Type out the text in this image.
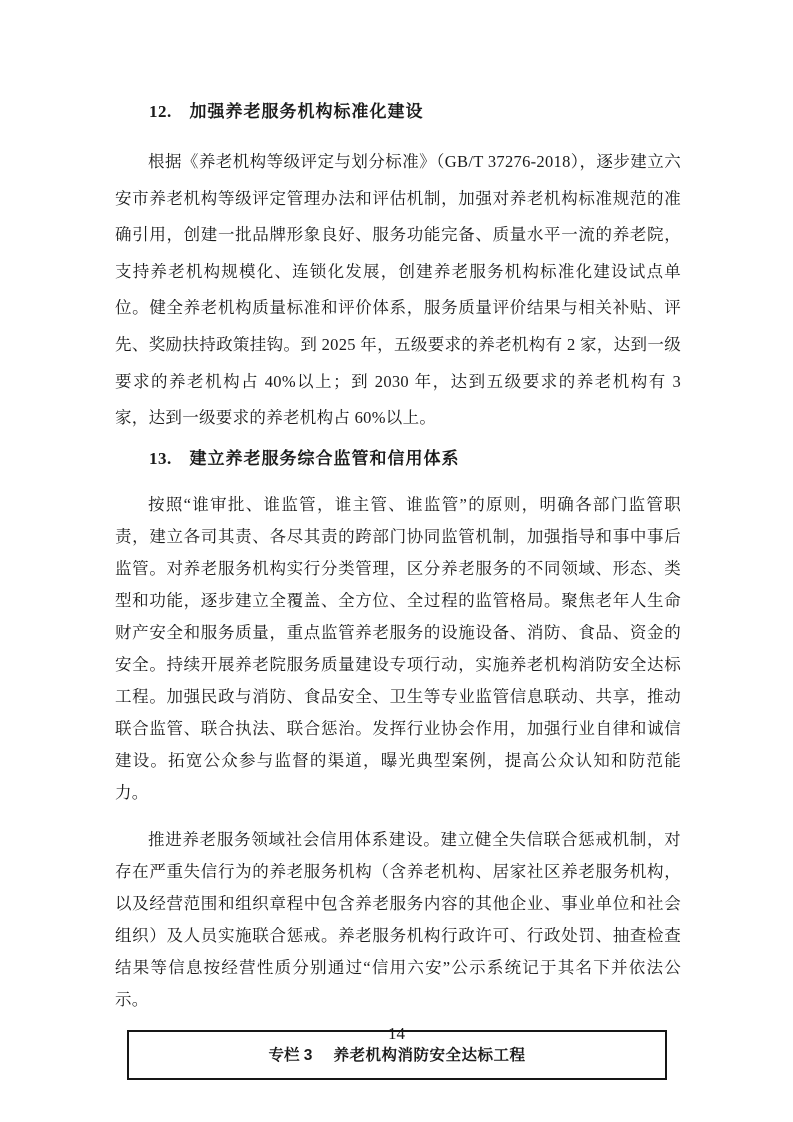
12. 加强养老服务机构标准化建设

根据《养老机构等级评定与划分标准》（GB/T 37276-2018），逐步建立六安市养老机构等级评定管理办法和评估机制，加强对养老机构标准规范的准确引用，创建一批品牌形象良好、服务功能完备、质量水平一流的养老院，支持养老机构规模化、连锁化发展，创建养老服务机构标准化建设试点单位。健全养老机构质量标准和评价体系，服务质量评价结果与相关补贴、评先、奖励扶持政策挂钩。到 2025 年，五级要求的养老机构有 2 家，达到一级要求的养老机构占 40%以上；到 2030 年，达到五级要求的养老机构有 3 家，达到一级要求的养老机构占 60%以上。

13. 建立养老服务综合监管和信用体系

按照“谁审批、谁监管，谁主管、谁监管”的原则，明确各部门监管职责，建立各司其责、各尽其责的跨部门协同监管机制，加强指导和事中事后监管。对养老服务机构实行分类管理，区分养老服务的不同领域、形态、类型和功能，逐步建立全覆盖、全方位、全过程的监管格局。聚焦老年人生命财产安全和服务质量，重点监管养老服务的设施设备、消防、食品、资金的安全。持续开展养老院服务质量建设专项行动，实施养老机构消防安全达标工程。加强民政与消防、食品安全、卫生等专业监管信息联动、共享，推动联合监管、联合执法、联合惩治。发挥行业协会作用，加强行业自律和诚信建设。拓宽公众参与监督的渠道，曝光典型案例，提高公众认知和防范能力。

推进养老服务领域社会信用体系建设。建立健全失信联合惩戒机制，对存在严重失信行为的养老服务机构（含养老机构、居家社区养老服务机构，以及经营范围和组织章程中包含养老服务内容的其他企业、事业单位和社会组织）及人员实施联合惩戒。养老服务机构行政许可、行政处罚、抽查检查结果等信息按经营性质分别通过“信用六安”公示系统记于其名下并依法公示。

专栏 3 养老机构消防安全达标工程
14
